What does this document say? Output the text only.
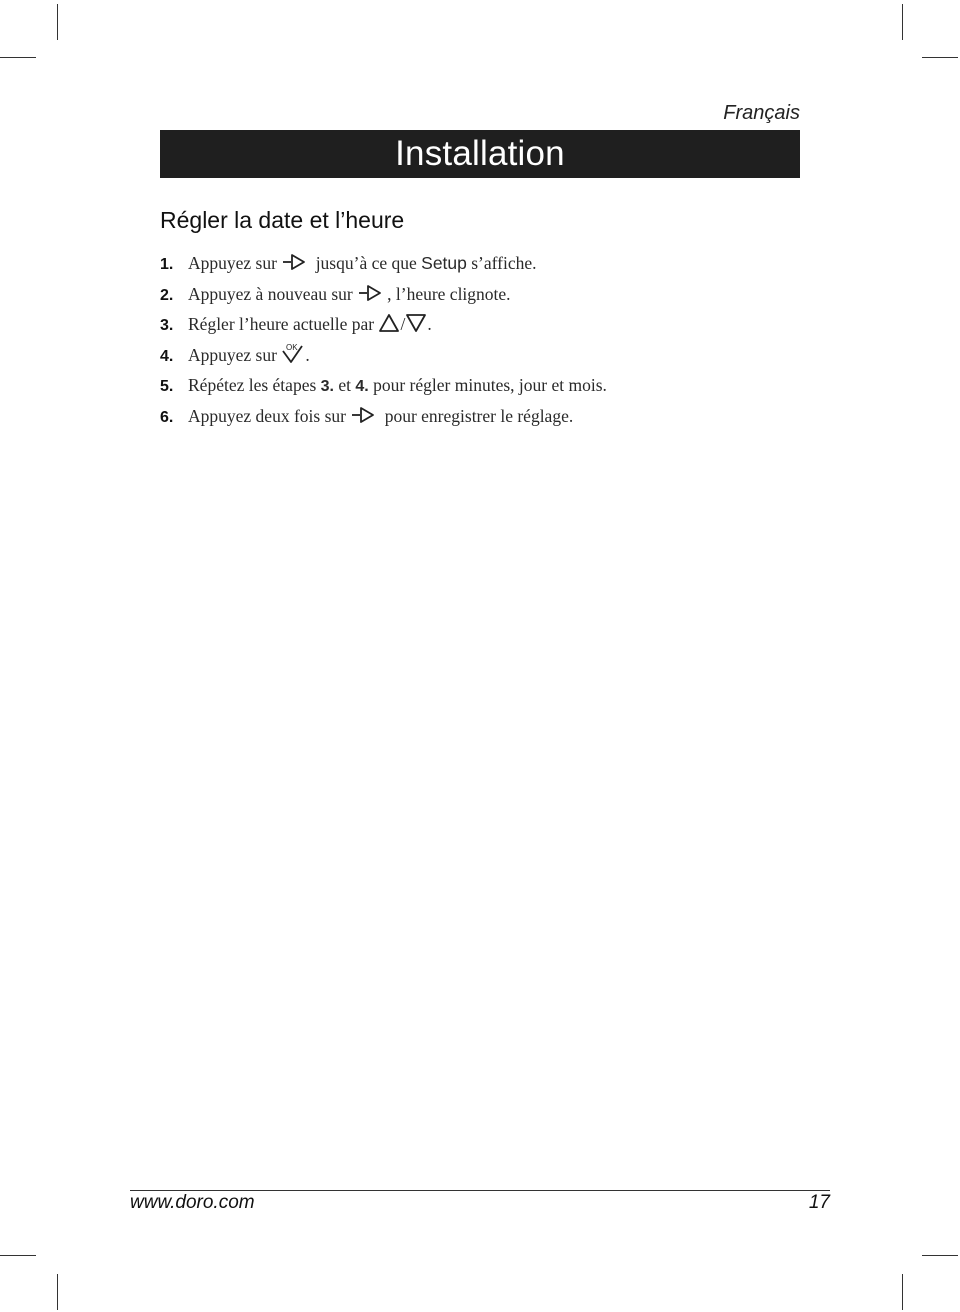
Français
Installation
Régler la date et l’heure
1. Appuyez sur  jusqu’à ce que Setup s’affiche.
2. Appuyez à nouveau sur , l’heure clignote.
3. Régler l’heure actuelle par / .
4. Appuyez sur OK .
5. Répétez les étapes 3. et 4. pour régler minutes, jour et mois.
6. Appuyez deux fois sur  pour enregistrer le réglage.
www.doro.com	17
